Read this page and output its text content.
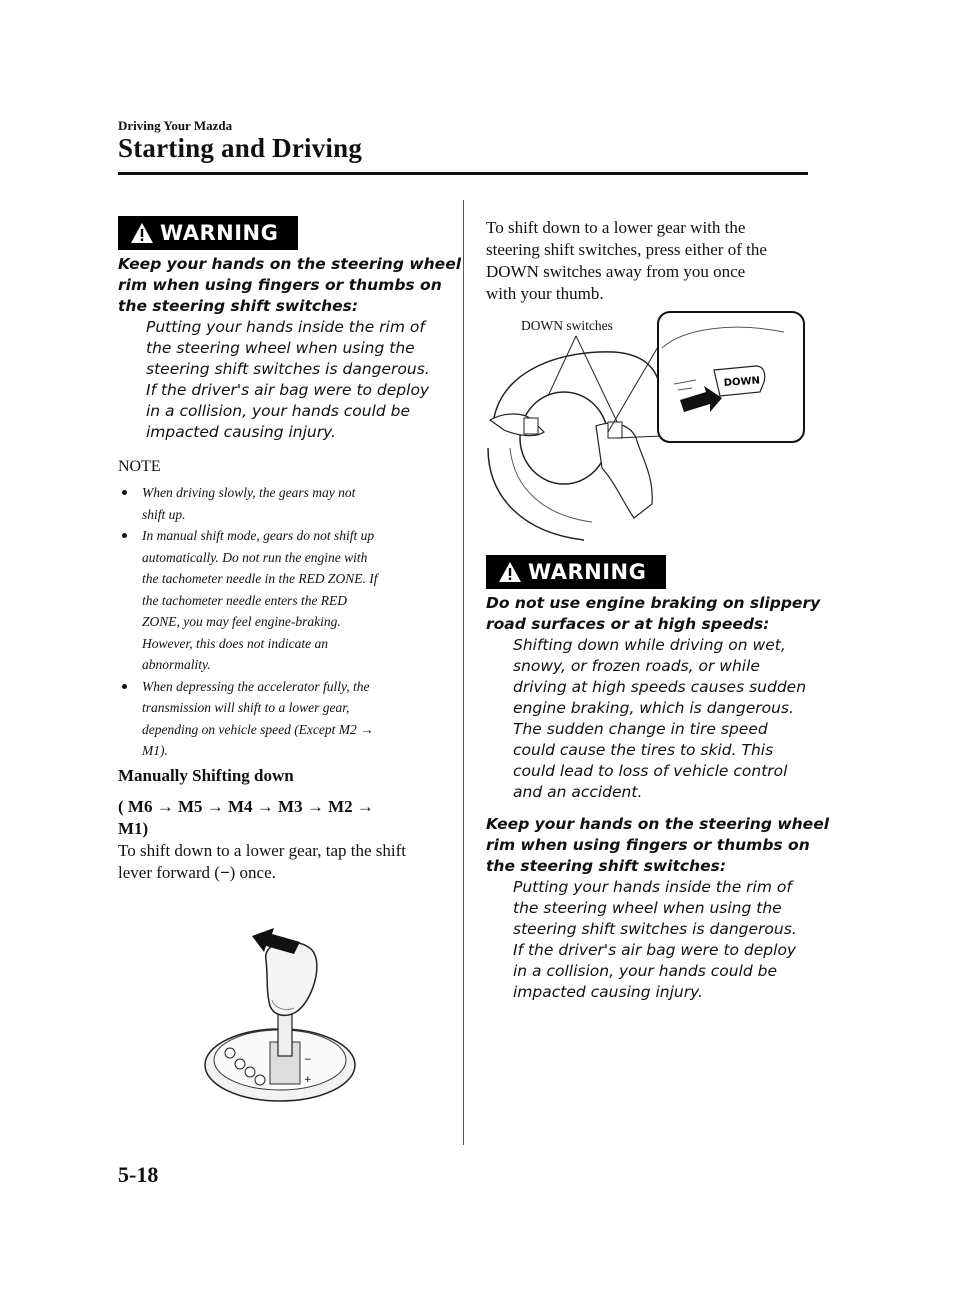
Driving Your Mazda
Starting and Driving
WARNING
Keep your hands on the steering wheel
rim when using fingers or thumbs on
the steering shift switches:
Putting your hands inside the rim of
the steering wheel when using the
steering shift switches is dangerous.
If the driver's air bag were to deploy
in a collision, your hands could be
impacted causing injury.
NOTE
When driving slowly, the gears may not
shift up.
In manual shift mode, gears do not shift up
automatically. Do not run the engine with
the tachometer needle in the RED ZONE. If
the tachometer needle enters the RED
ZONE, you may feel engine-braking.
However, this does not indicate an
abnormality.
When depressing the accelerator fully, the
transmission will shift to a lower gear,
depending on vehicle speed (Except M2 →
M1).
Manually Shifting down
( M6 → M5 → M4 → M3 → M2 →
M1)
To shift down to a lower gear, tap the shift
lever forward (−) once.
−
+
To shift down to a lower gear with the
steering shift switches, press either of the
DOWN switches away from you once
with your thumb.
DOWN switches
DOWN
WARNING
Do not use engine braking on slippery
road surfaces or at high speeds:
Shifting down while driving on wet,
snowy, or frozen roads, or while
driving at high speeds causes sudden
engine braking, which is dangerous.
The sudden change in tire speed
could cause the tires to skid. This
could lead to loss of vehicle control
and an accident.
Keep your hands on the steering wheel
rim when using fingers or thumbs on
the steering shift switches:
Putting your hands inside the rim of
the steering wheel when using the
steering shift switches is dangerous.
If the driver's air bag were to deploy
in a collision, your hands could be
impacted causing injury.
5-18
